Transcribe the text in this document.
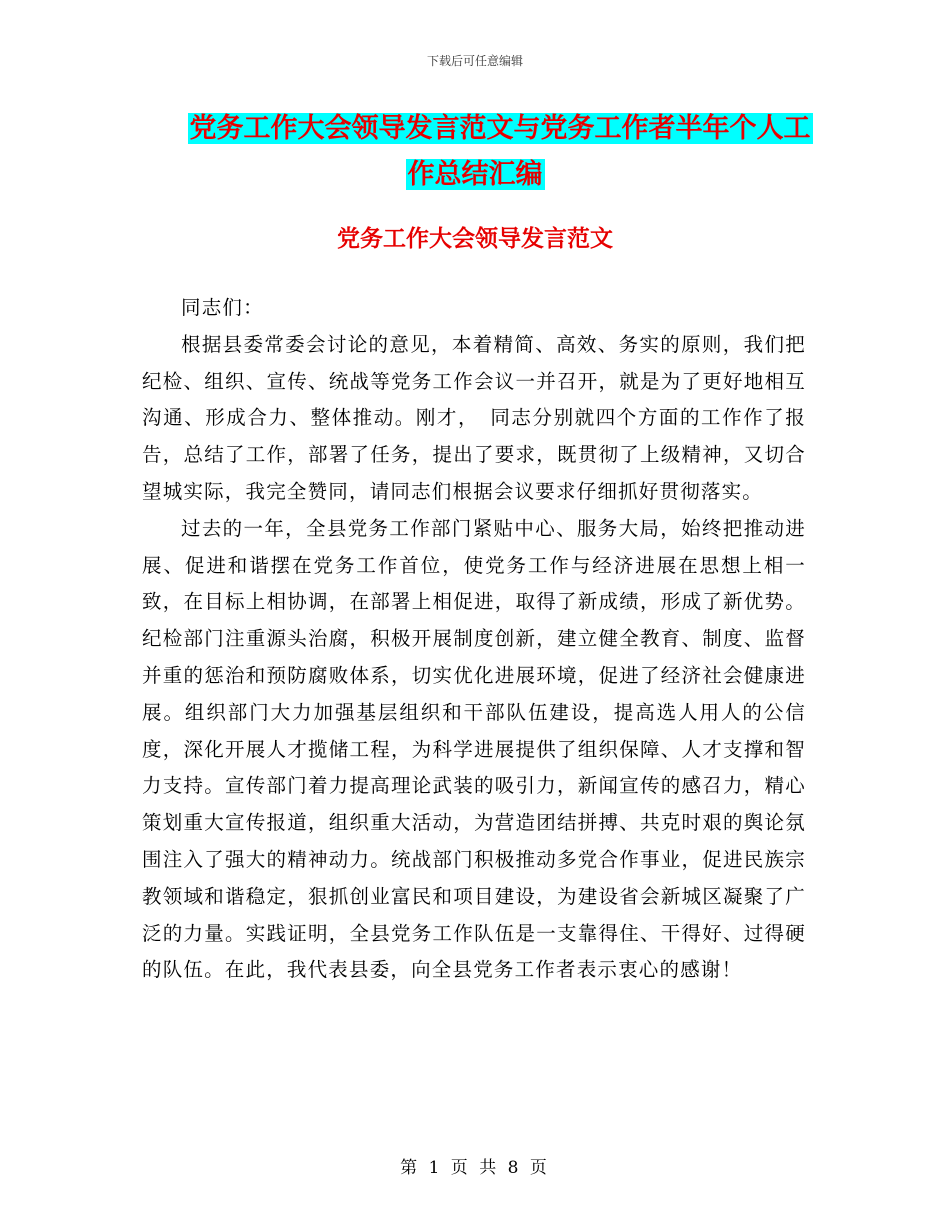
下载后可任意编辑
党务工作大会领导发言范文与党务工作者半年个人工
作总结汇编
党务工作大会领导发言范文

同志们：

根据县委常委会讨论的意见，本着精简、高效、务实的原则，我们把纪检、组织、宣传、统战等党务工作会议一并召开，就是为了更好地相互沟通、形成合力、整体推动。刚才，　同志分别就四个方面的工作作了报告，总结了工作，部署了任务，提出了要求，既贯彻了上级精神，又切合望城实际，我完全赞同，请同志们根据会议要求仔细抓好贯彻落实。

过去的一年，全县党务工作部门紧贴中心、服务大局，始终把推动进展、促进和谐摆在党务工作首位，使党务工作与经济进展在思想上相一致，在目标上相协调，在部署上相促进，取得了新成绩，形成了新优势。纪检部门注重源头治腐，积极开展制度创新，建立健全教育、制度、监督并重的惩治和预防腐败体系，切实优化进展环境，促进了经济社会健康进展。组织部门大力加强基层组织和干部队伍建设，提高选人用人的公信度，深化开展人才揽储工程，为科学进展提供了组织保障、人才支撑和智力支持。宣传部门着力提高理论武装的吸引力，新闻宣传的感召力，精心策划重大宣传报道，组织重大活动，为营造团结拼搏、共克时艰的舆论氛围注入了强大的精神动力。统战部门积极推动多党合作事业，促进民族宗教领域和谐稳定，狠抓创业富民和项目建设，为建设省会新城区凝聚了广泛的力量。实践证明，全县党务工作队伍是一支靠得住、干得好、过得硬的队伍。在此，我代表县委，向全县党务工作者表示衷心的感谢！

第 1 页 共 8 页
